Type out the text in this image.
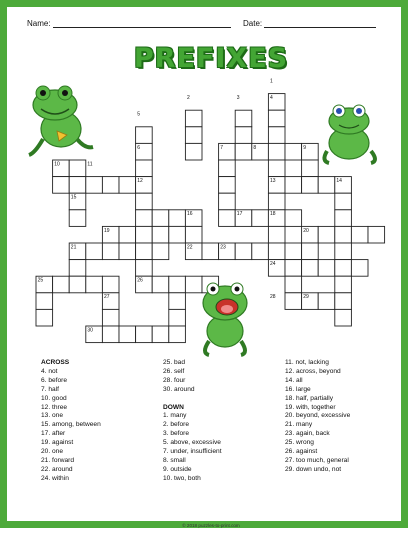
Name:	Date:
PREFIXES
1
2	3	4
5
6	7	8	9
10	11
12	13	14
15
16	17	18
19	20
21	22	23
24
25	26
27	28	29
30
ACROSS
4. not
6. before
7. half
10. good
12. three
13. one
15. among, between
17. after
19. against
20. one
21. forward
22. around
24. within
25. bad
26. self
28. four
30. around

DOWN
1. many
2. before
3. before
5. above, excessive
7. under, insufficient
8. small
9. outside
10. two, both
11. not, lacking
12. across, beyond
14. all
16. large
18. half, partially
19. with, together
20. beyond, excessive
21. many
23. again, back
25. wrong
26. against
27. too much, general
29. down undo, not
© 2018 puzzles-to-print.com
